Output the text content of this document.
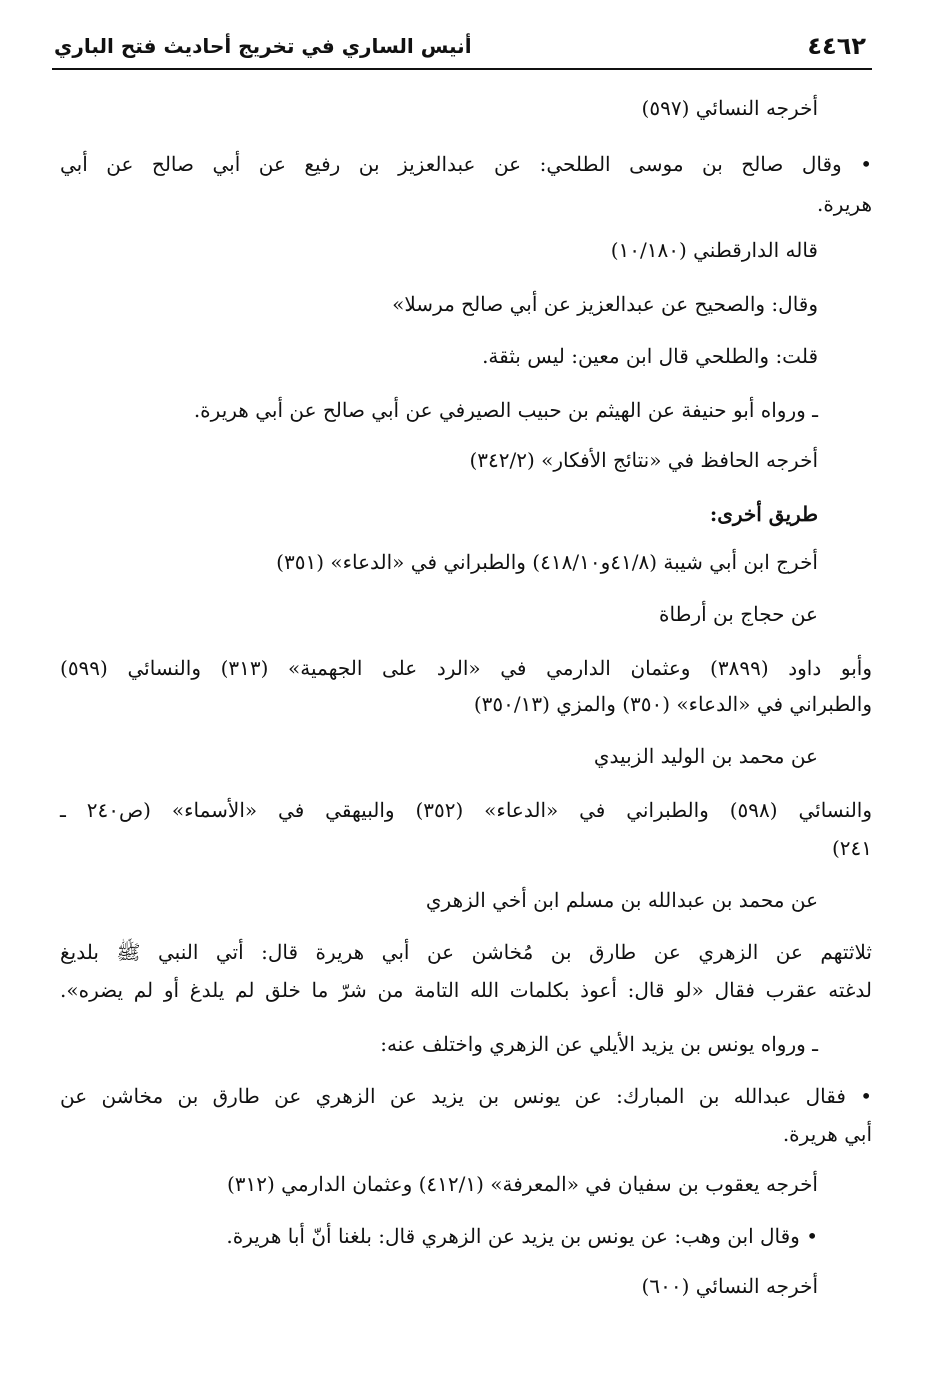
٤٤٦٢
أنيس الساري في تخريج أحاديث فتح الباري
أخرجه النسائي (٥٩٧)
• وقال صالح بن موسى الطلحي: عن عبدالعزيز بن رفيع عن أبي صالح عن أبي
هريرة.
قاله الدارقطني (١٠/١٨٠)
وقال: والصحيح عن عبدالعزيز عن أبي صالح مرسلا»
قلت: والطلحي قال ابن معين: ليس بثقة.
ـ ورواه أبو حنيفة عن الهيثم بن حبيب الصيرفي عن أبي صالح عن أبي هريرة.
أخرجه الحافظ في «نتائج الأفكار» (٣٤٢/٢)
طريق أخرى:
أخرج ابن أبي شيبة (٤١/٨و٤١٨/١٠) والطبراني في «الدعاء» (٣٥١)
عن حجاج بن أرطاة
وأبو داود (٣٨٩٩) وعثمان الدارمي في «الرد على الجهمية» (٣١٣) والنسائي (٥٩٩)
والطبراني في «الدعاء» (٣٥٠) والمزي (٣٥٠/١٣)
عن محمد بن الوليد الزبيدي
والنسائي (٥٩٨) والطبراني في «الدعاء» (٣٥٢) والبيهقي في «الأسماء» (ص٢٤٠ ـ
٢٤١)
عن محمد بن عبدالله بن مسلم ابن أخي الزهري
ثلاثتهم عن الزهري عن طارق بن مُخاشن عن أبي هريرة قال: أتي النبي ﷺ بلديغ
لدغته عقرب فقال «لو قال: أعوذ بكلمات الله التامة من شرّ ما خلق لم يلدغ أو لم يضره».
ـ ورواه يونس بن يزيد الأيلي عن الزهري واختلف عنه:
• فقال عبدالله بن المبارك: عن يونس بن يزيد عن الزهري عن طارق بن مخاشن عن
أبي هريرة.
أخرجه يعقوب بن سفيان في «المعرفة» (٤١٢/١) وعثمان الدارمي (٣١٢)
• وقال ابن وهب: عن يونس بن يزيد عن الزهري قال: بلغنا أنّ أبا هريرة.
أخرجه النسائي (٦٠٠)
